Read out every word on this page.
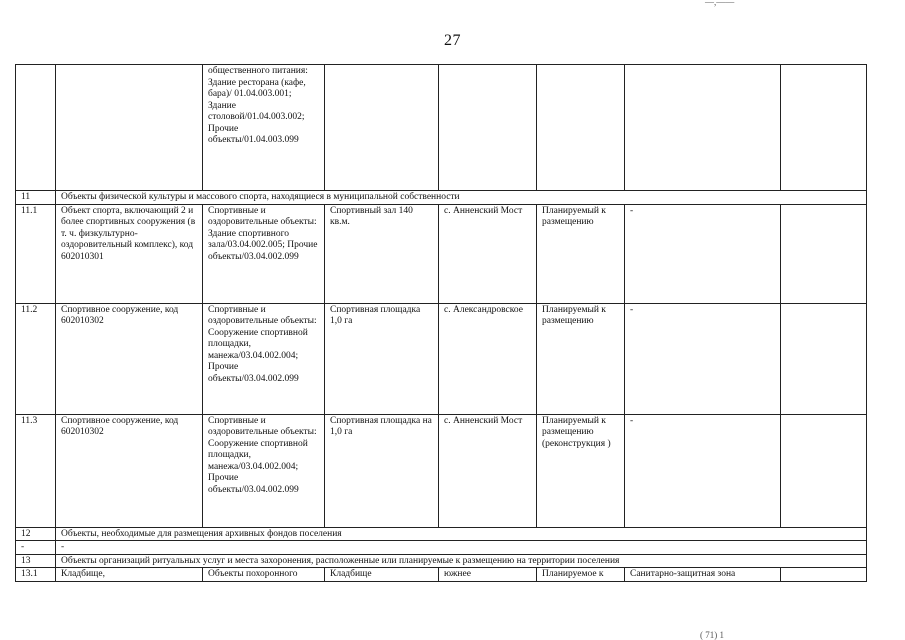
27
—,——
		общественного питания: Здание ресторана (кафе, бара)/ 01.04.003.001; Здание столовой/01.04.003.002; Прочие объекты/01.04.003.099					
11	Объекты физической культуры и массового спорта, находящиеся в муниципальной собственности						
11.1	Объект спорта, включающий 2 и более спортивных сооружения (в т. ч. физкультурно-оздоровительный комплекс), код 602010301	Спортивные и оздоровительные объекты: Здание спортивного зала/03.04.002.005; Прочие объекты/03.04.002.099	Спортивный зал 140 кв.м.	с. Анненский Мост	Планируемый к размещению	-	
11.2	Спортивное сооружение, код 602010302	Спортивные и оздоровительные объекты: Сооружение спортивной площадки, манежа/03.04.002.004; Прочие объекты/03.04.002.099	Спортивная площадка 1,0 га	с. Александровское	Планируемый к размещению	-	
11.3	Спортивное сооружение, код 602010302	Спортивные и оздоровительные объекты: Сооружение спортивной площадки, манежа/03.04.002.004; Прочие объекты/03.04.002.099	Спортивная площадка на 1,0 га	с. Анненский Мост	Планируемый к размещению (реконструкция )	-	
12	Объекты, необходимые для размещения архивных фондов поселения						
-	-						
13	Объекты организаций ритуальных услуг и места захоронения, расположенные или планируемые к размещению на территории поселения						
13.1	Кладбище,	Объекты похоронного	Кладбище	южнее	Планируемое к	Санитарно-защитная зона	
( 71) 1
